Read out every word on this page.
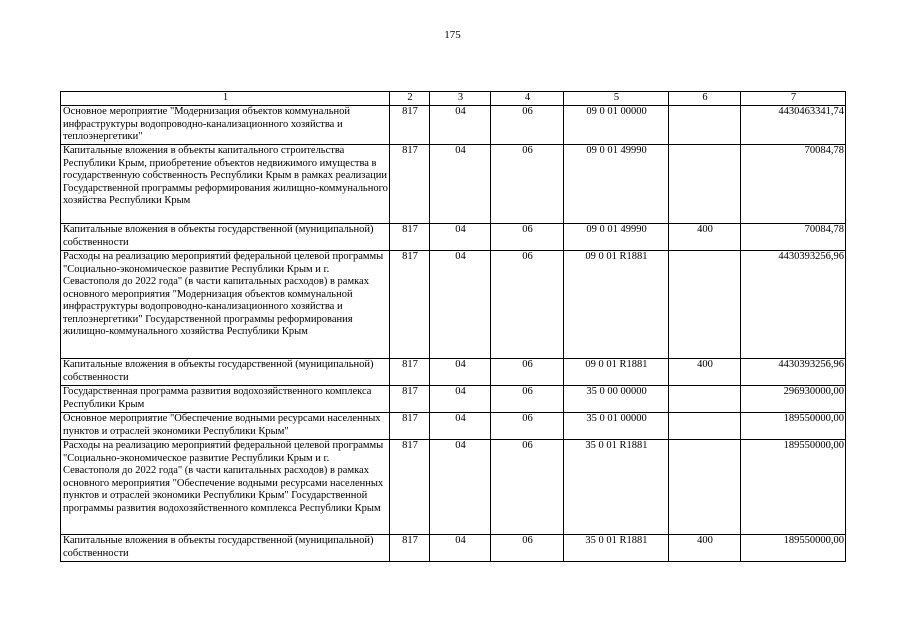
175
1	2	3	4	5	6	7
Основное мероприятие "Модернизация объектов коммунальной инфраструктуры водопроводно-канализационного хозяйства и теплоэнергетики"	817	04	06	09 0 01 00000		4430463341,74
Капитальные вложения в объекты капитального строительства Республики Крым, приобретение объектов недвижимого имущества в государственную собственность Республики Крым в рамках реализации Государственной программы реформирования жилищно-коммунального хозяйства Республики Крым	817	04	06	09 0 01 49990		70084,78
Капитальные вложения в объекты государственной (муниципальной) собственности	817	04	06	09 0 01 49990	400	70084,78
Расходы на реализацию мероприятий федеральной целевой программы "Социально-экономическое развитие Республики Крым и г. Севастополя до 2022 года" (в части капитальных расходов) в рамках основного мероприятия "Модернизация объектов коммунальной инфраструктуры водопроводно-канализационного хозяйства и теплоэнергетики" Государственной программы реформирования жилищно-коммунального хозяйства Республики Крым	817	04	06	09 0 01 R1881		4430393256,96
Капитальные вложения в объекты государственной (муниципальной) собственности	817	04	06	09 0 01 R1881	400	4430393256,96
Государственная программа развития водохозяйственного комплекса Республики Крым	817	04	06	35 0 00 00000		296930000,00
Основное мероприятие "Обеспечение водными ресурсами населенных пунктов и отраслей экономики Республики Крым"	817	04	06	35 0 01 00000		189550000,00
Расходы на реализацию мероприятий федеральной целевой программы "Социально-экономическое развитие Республики Крым и г. Севастополя до 2022 года" (в части капитальных расходов) в рамках основного мероприятия "Обеспечение водными ресурсами населенных пунктов и отраслей экономики Республики Крым" Государственной программы развития водохозяйственного комплекса Республики Крым	817	04	06	35 0 01 R1881		189550000,00
Капитальные вложения в объекты государственной (муниципальной) собственности	817	04	06	35 0 01 R1881	400	189550000,00
